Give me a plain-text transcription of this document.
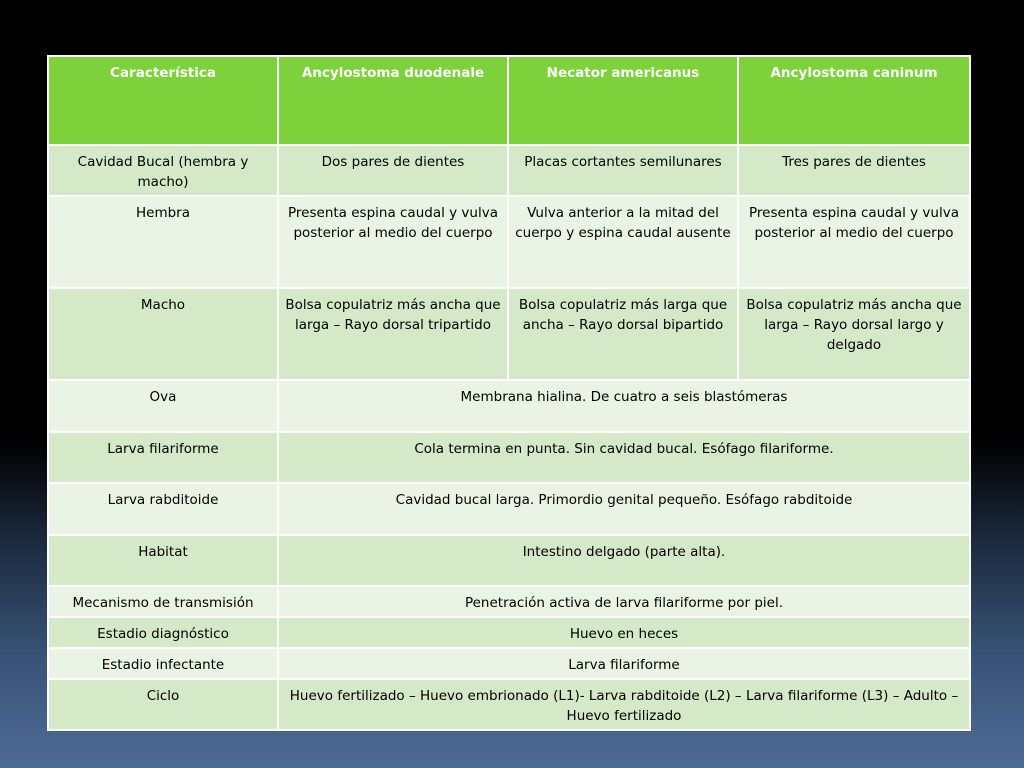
Característica	Ancylostoma duodenale	Necator americanus	Ancylostoma caninum
Cavidad Bucal (hembra y macho)	Dos pares de dientes	Placas cortantes semilunares	Tres pares de dientes
Hembra	Presenta espina caudal y vulva posterior al medio del cuerpo	Vulva anterior a la mitad del cuerpo y espina caudal ausente	Presenta espina caudal y vulva posterior al medio del cuerpo
Macho	Bolsa copulatriz más ancha que larga – Rayo dorsal tripartido	Bolsa copulatriz más larga que ancha – Rayo dorsal bipartido	Bolsa copulatriz más ancha que larga – Rayo dorsal largo y delgado
Ova	Membrana hialina. De cuatro a seis blastómeras		
Larva filariforme	Cola termina en punta. Sin cavidad bucal. Esófago filariforme.		
Larva rabditoide	Cavidad bucal larga. Primordio genital pequeño. Esófago rabditoide		
Habitat	Intestino delgado (parte alta).		
Mecanismo de transmisión	Penetración activa de larva filariforme por piel.		
Estadio diagnóstico	Huevo en heces		
Estadio infectante	Larva filariforme		
Ciclo	Huevo fertilizado – Huevo embrionado (L1)- Larva rabditoide (L2) – Larva filariforme (L3) – Adulto – Huevo fertilizado		
